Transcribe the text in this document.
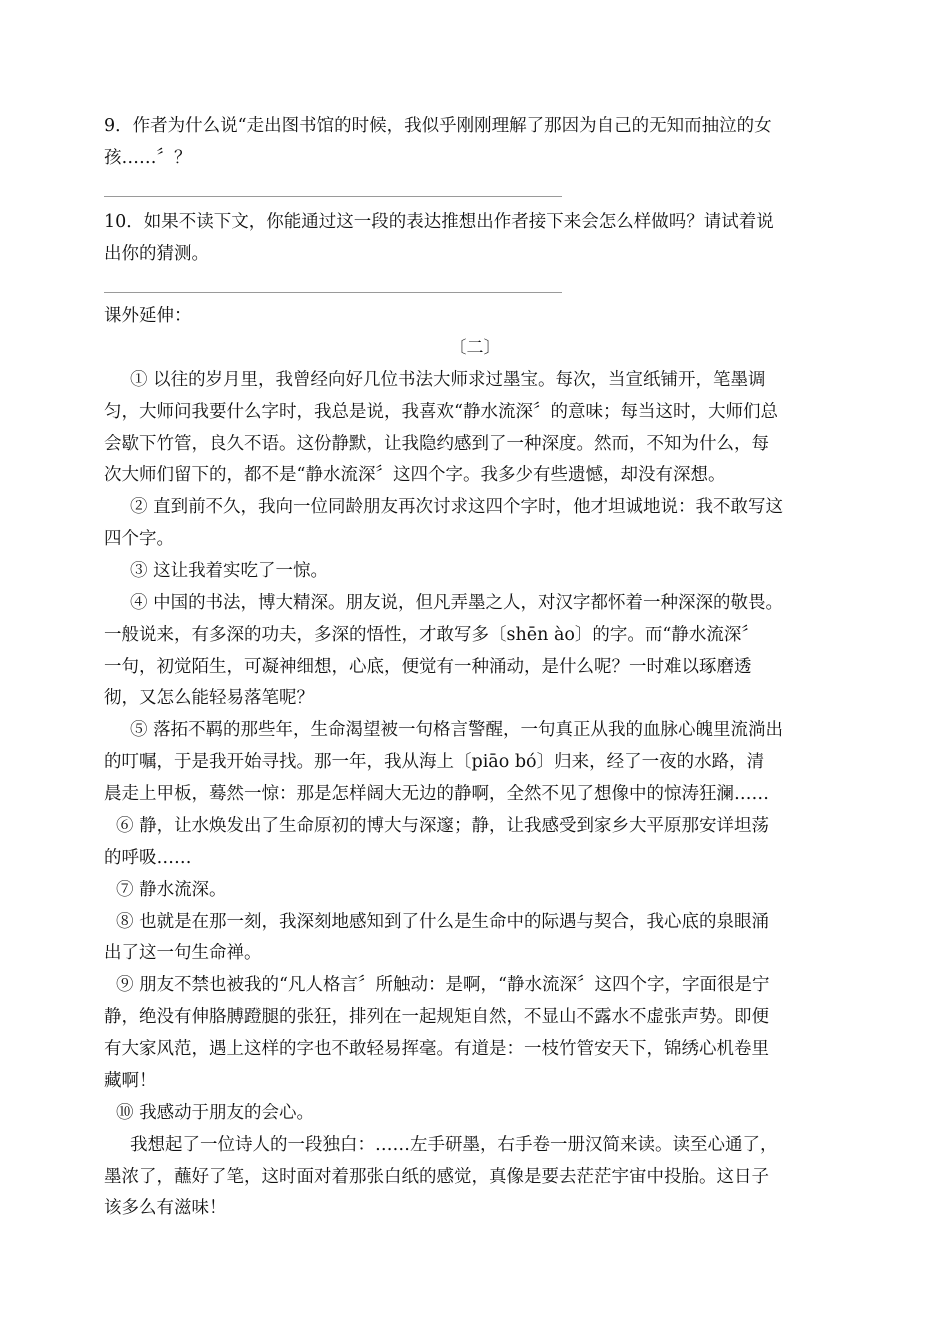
9．作者为什么说“走出图书馆的时候，我似乎刚刚理解了那因为自己的无知而抽泣的女
孩……〞？
10．如果不读下文，你能通过这一段的表达推想出作者接下来会怎么样做吗？请试着说
出你的猜测。
课外延伸：
〔二〕
① 以往的岁月里，我曾经向好几位书法大师求过墨宝。每次，当宣纸铺开，笔墨调
匀，大师问我要什么字时，我总是说，我喜欢“静水流深〞的意味；每当这时，大师们总
会歇下竹管，良久不语。这份静默，让我隐约感到了一种深度。然而，不知为什么，每
次大师们留下的，都不是“静水流深〞这四个字。我多少有些遗憾，却没有深想。
② 直到前不久，我向一位同龄朋友再次讨求这四个字时，他才坦诚地说：我不敢写这
四个字。
③ 这让我着实吃了一惊。
④ 中国的书法，博大精深。朋友说，但凡弄墨之人，对汉字都怀着一种深深的敬畏。
一般说来，有多深的功夫，多深的悟性，才敢写多〔shēn ào〕的字。而“静水流深〞
一句，初觉陌生，可凝神细想，心底，便觉有一种涌动，是什么呢？一时难以琢磨透
彻，又怎么能轻易落笔呢？
⑤ 落拓不羁的那些年，生命渴望被一句格言警醒，一句真正从我的血脉心魄里流淌出
的叮嘱，于是我开始寻找。那一年，我从海上〔piāo bó〕归来，经了一夜的水路，清
晨走上甲板，蓦然一惊：那是怎样阔大无边的静啊，全然不见了想像中的惊涛狂澜……
⑥ 静，让水焕发出了生命原初的博大与深邃；静，让我感受到家乡大平原那安详坦荡
的呼吸……
⑦ 静水流深。
⑧ 也就是在那一刻，我深刻地感知到了什么是生命中的际遇与契合，我心底的泉眼涌
出了这一句生命禅。
⑨ 朋友不禁也被我的“凡人格言〞所触动：是啊，“静水流深〞这四个字，字面很是宁
静，绝没有伸胳膊蹬腿的张狂，排列在一起规矩自然，不显山不露水不虚张声势。即便
有大家风范，遇上这样的字也不敢轻易挥毫。有道是：一枝竹管安天下，锦绣心机卷里
藏啊！
⑩ 我感动于朋友的会心。
我想起了一位诗人的一段独白：……左手研墨，右手卷一册汉简来读。读至心通了，
墨浓了，蘸好了笔，这时面对着那张白纸的感觉，真像是要去茫茫宇宙中投胎。这日子
该多么有滋味！
